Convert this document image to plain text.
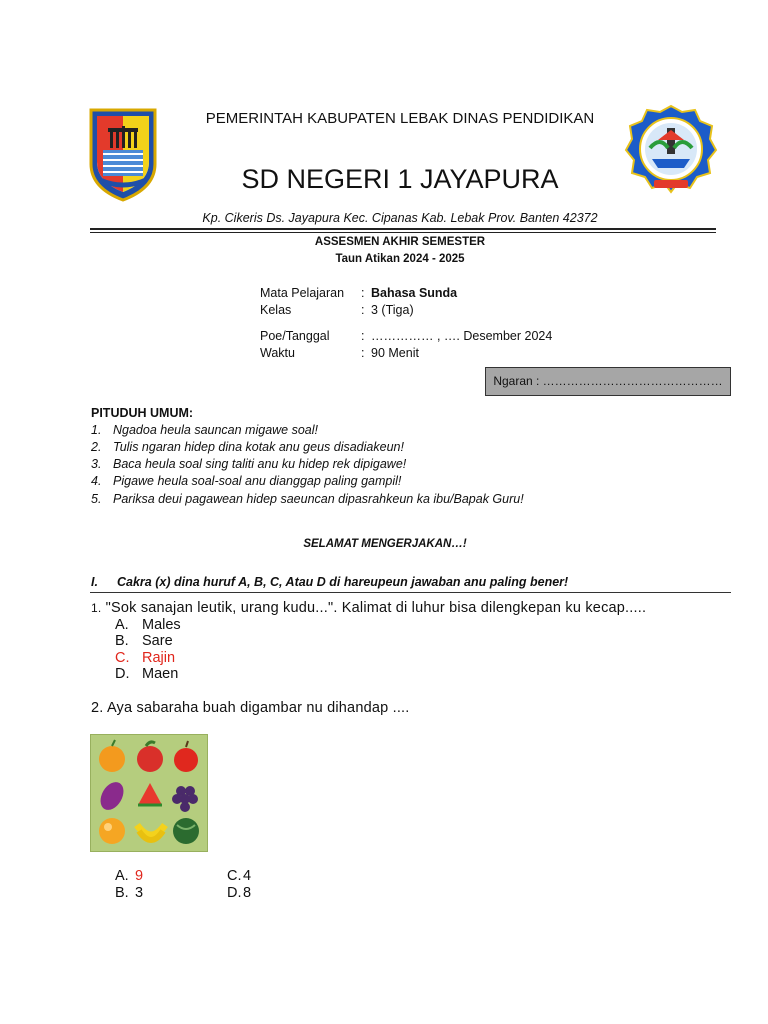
PEMERINTAH KABUPATEN LEBAK DINAS PENDIDIKAN
SD NEGERI 1 JAYAPURA
Kp. Cikeris Ds. Jayapura Kec. Cipanas Kab. Lebak Prov. Banten 42372
ASSESMEN AKHIR SEMESTER
Taun Atikan 2024 - 2025
Mata Pelajaran : Bahasa Sunda
Kelas	: 3 (Tiga)
Poe/Tanggal	: …………… , …. Desember 2024
Waktu	: 90 Menit
Ngaran : ………………………………………
PITUDUH UMUM:
1. Ngadoa heula sauncan migawe soal!
2. Tulis ngaran hidep dina kotak anu geus disadiakeun!
3. Baca heula soal sing taliti anu ku hidep rek dipigawe!
4. Pigawe heula soal-soal anu dianggap paling gampil!
5. Pariksa deui pagawean hidep saeuncan dipasrahkeun ka ibu/Bapak Guru!
SELAMAT MENGERJAKAN…!
I. Cakra (x) dina huruf A, B, C, Atau D di hareupeun jawaban anu paling bener!
1. "Sok sanajan leutik, urang kudu...". Kalimat di luhur bisa dilengkepan ku kecap.....
A. Males
B. Sare
C. Rajin
D. Maen
2. Aya sabaraha buah digambar nu dihandap ....
A. 9
B. 3
C. 4
D. 8
